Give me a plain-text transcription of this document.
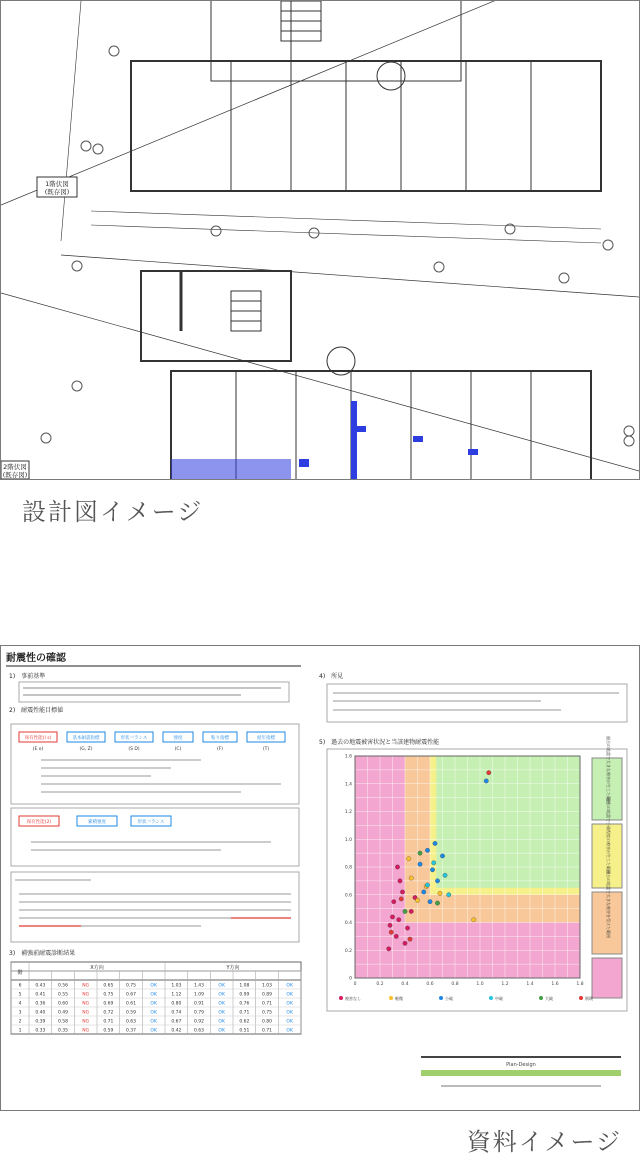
1階伏図
(既存図)
2階伏図
(既存図)
設計図イメージ
耐震性の確認
1)　事前基準
2)　耐震性能目標値
保有性能(I s)	基本耐震指標	形状バランス	強度	粘り指標	経年指標
(E o)	(G, Z)	(S D)	(C)	(F)	(T)
保有性能(2)	累積強度	形状バランス
3)　補強前耐震診断結果
X方向	Y方向
階
6	0.43	0.56	NG	0.65	0.75	OK	1.03	1.43	OK	1.08	1.03	OK
5	0.41	0.55	NG	0.75	0.67	OK	1.12	1.09	OK	0.99	0.89	OK
4	0.36	0.60	NG	0.69	0.61	OK	0.80	0.91	OK	0.76	0.71	OK
3	0.40	0.49	NG	0.72	0.59	OK	0.74	0.79	OK	0.71	0.75	OK
2	0.39	0.58	NG	0.71	0.63	OK	0.67	0.92	OK	0.62	0.80	OK
1	0.33	0.35	NG	0.59	0.37	OK	0.42	0.63	OK	0.51	0.71	OK
4)　所見
5)　過去の地震被害状況と当該建物耐震性能
0	0.2	0.4	0.6	0.8	1.0	1.2	1.4	1.6	1.8
0
0.2
0.4
0.6
0.8
1.0
1.2
1.4
1.6	過去の地震で大きな被害が生じた範囲
過去の地震で小破程度の被害が生じた範囲
過去の地震で大きな被害を受けた範囲
被害なし	軽微	小破	中破	大破	倒壊
Plan-Design
資料イメージ
